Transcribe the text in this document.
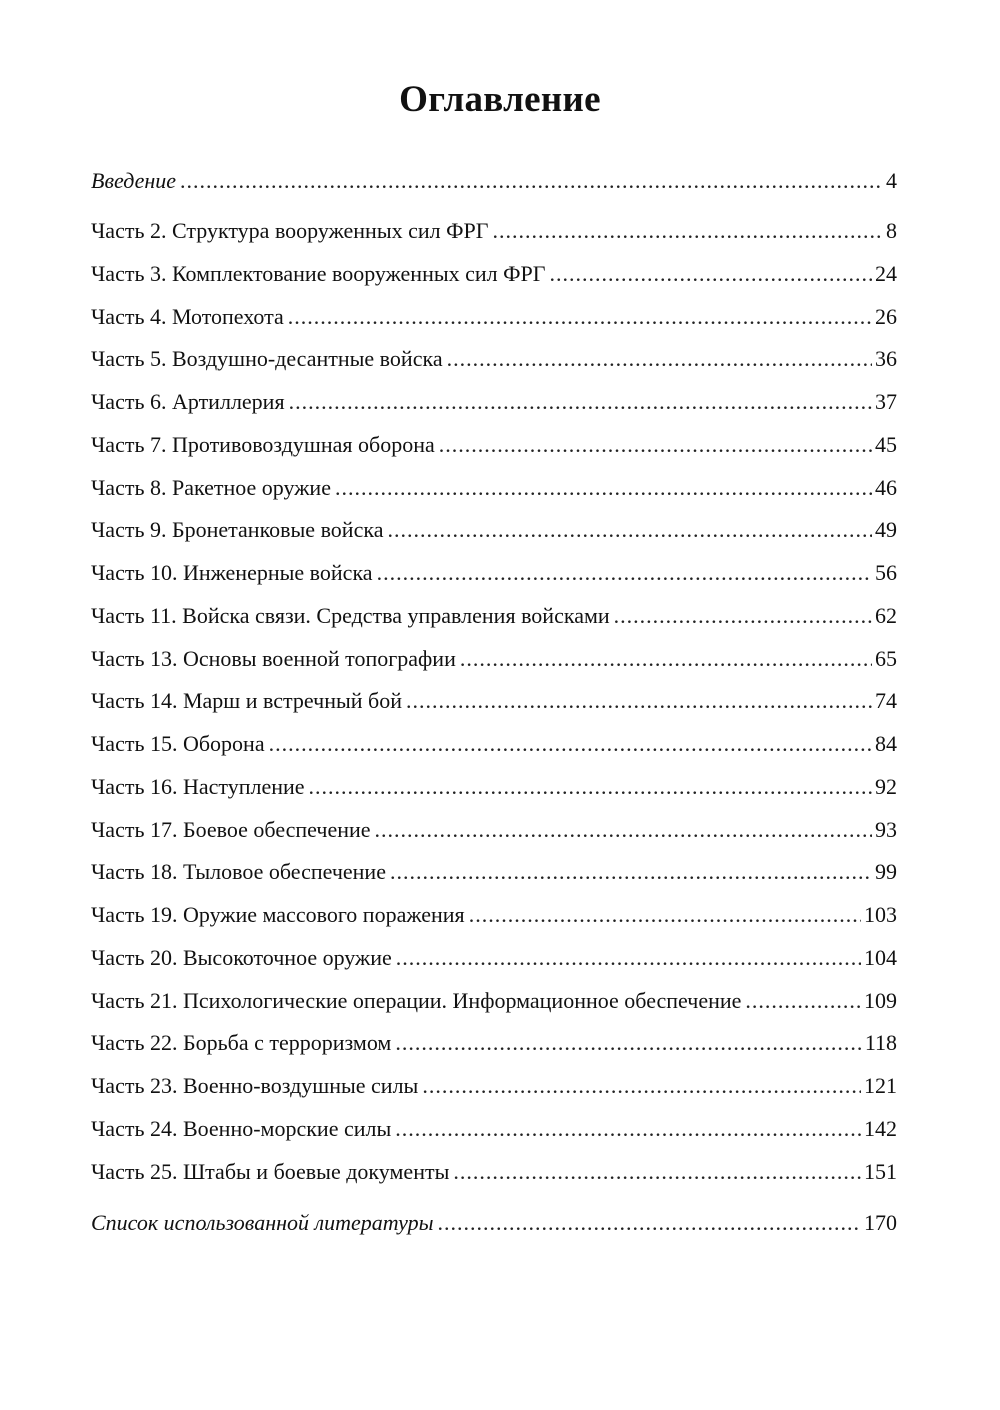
Оглавление
Введение .....	4
Часть 2. Структура вооруженных сил ФРГ .....	8
Часть 3. Комплектование вооруженных сил ФРГ .....	24
Часть 4. Мотопехота .....	26
Часть 5. Воздушно-десантные войска .....	36
Часть 6. Артиллерия .....	37
Часть 7. Противовоздушная оборона .....	45
Часть 8. Ракетное оружие .....	46
Часть 9. Бронетанковые войска .....	49
Часть 10. Инженерные войска .....	56
Часть 11. Войска связи. Средства управления войсками .....	62
Часть 13. Основы военной топографии .....	65
Часть 14. Марш и встречный бой .....	74
Часть 15. Оборона .....	84
Часть 16. Наступление .....	92
Часть 17. Боевое обеспечение .....	93
Часть 18. Тыловое обеспечение .....	99
Часть 19. Оружие массового поражения .....	103
Часть 20. Высокоточное оружие .....	104
Часть 21. Психологические операции. Информационное обеспечение .....	109
Часть 22. Борьба с терроризмом .....	118
Часть 23. Военно-воздушные силы .....	121
Часть 24. Военно-морские силы .....	142
Часть 25. Штабы и боевые документы .....	151
Список использованной литературы .....	170
